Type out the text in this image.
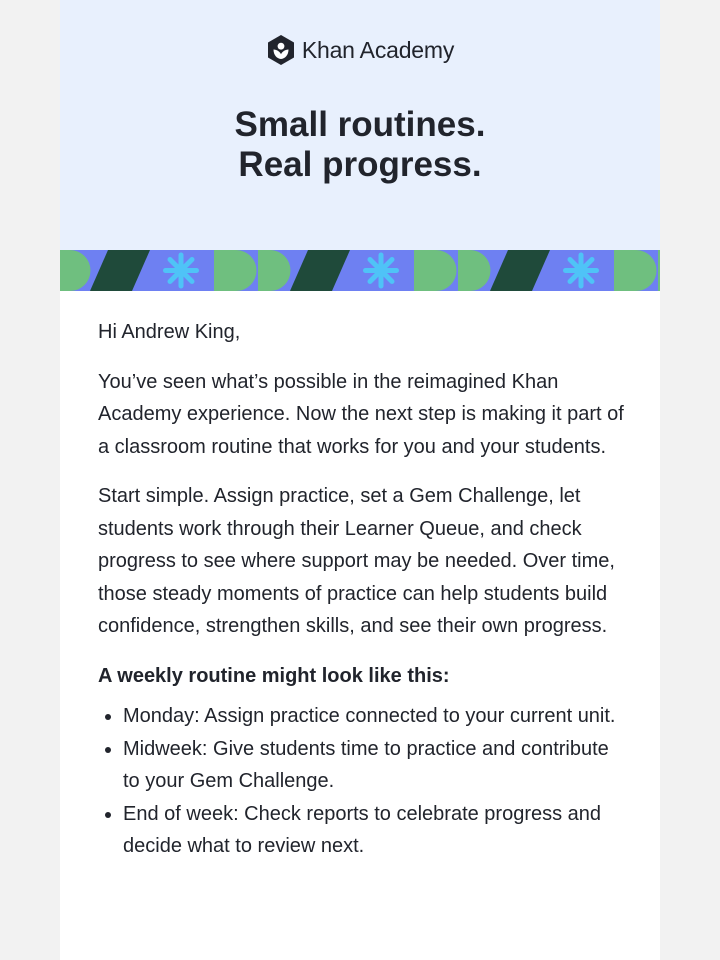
Khan Academy
Small routines.
Real progress.

Hi Andrew King,

You’ve seen what’s possible in the reimagined Khan Academy experience. Now the next step is making it part of a classroom routine that works for you and your students.

Start simple. Assign practice, set a Gem Challenge, let students work through their Learner Queue, and check progress to see where support may be needed. Over time, those steady moments of practice can help students build confidence, strengthen skills, and see their own progress.

A weekly routine might look like this:
• Monday: Assign practice connected to your current unit.
• Midweek: Give students time to practice and contribute to your Gem Challenge.
• End of week: Check reports to celebrate progress and decide what to review next.
